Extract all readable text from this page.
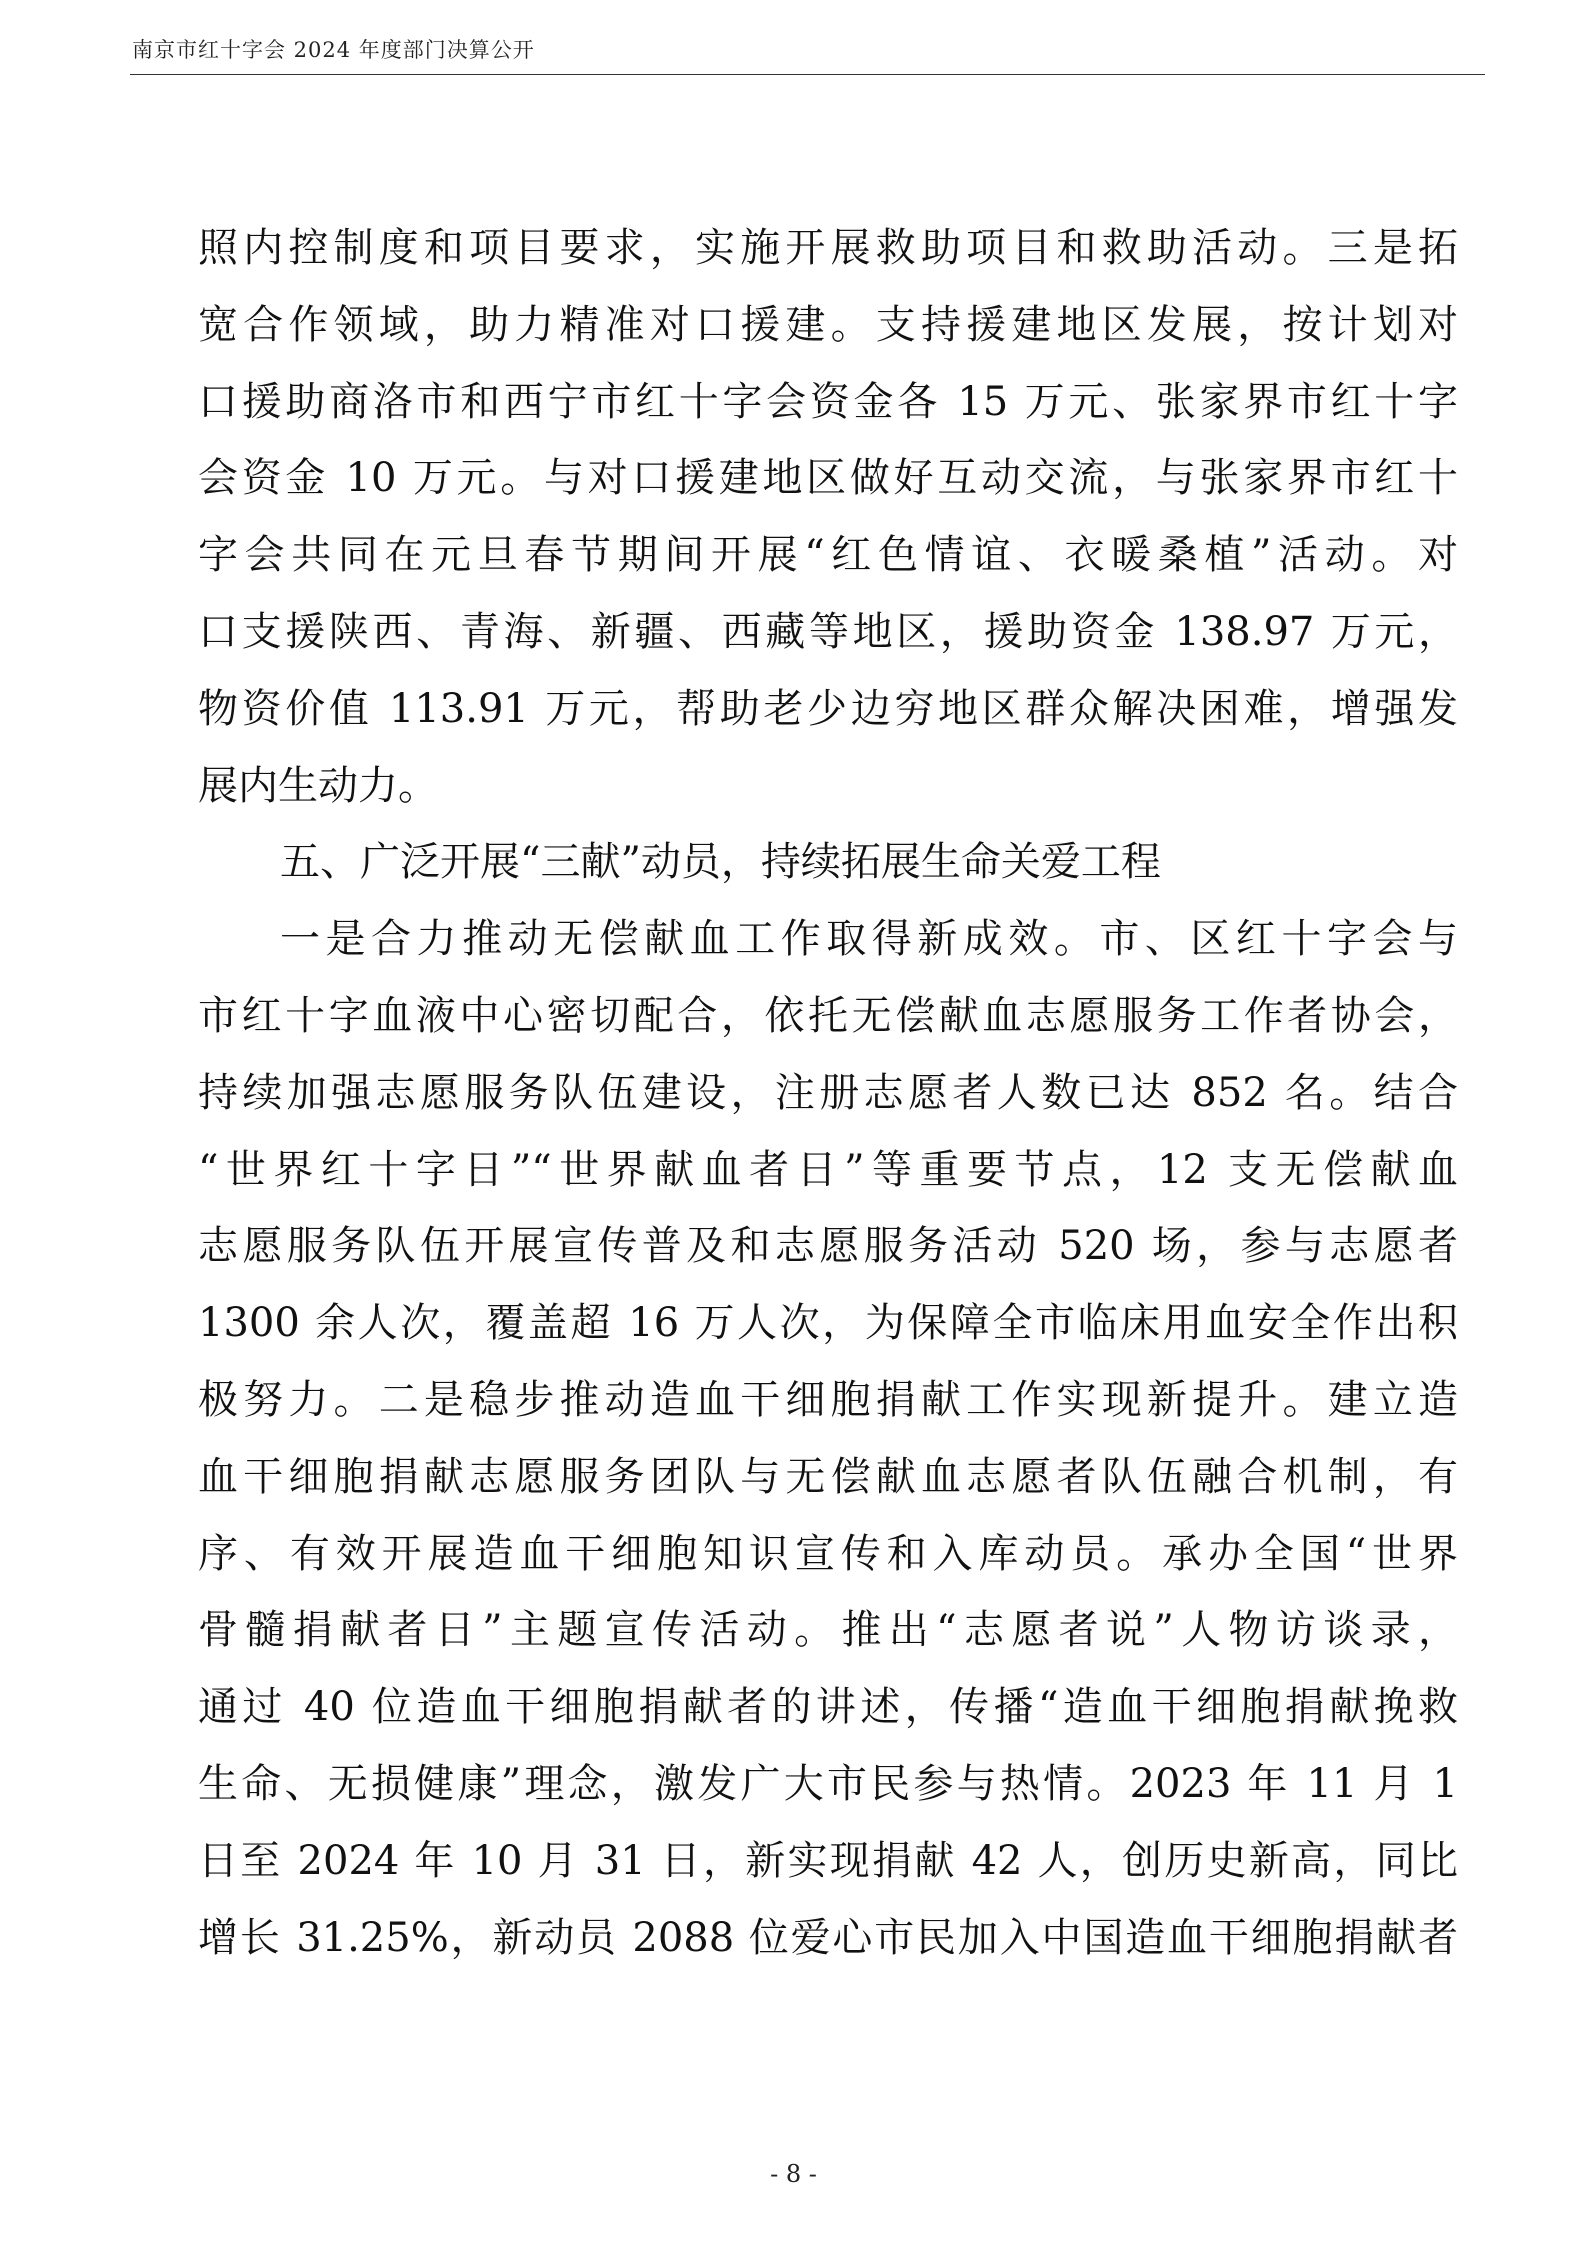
南京市红十字会 2024 年度部门决算公开
照内控制度和项目要求，实施开展救助项目和救助活动。三是拓
宽合作领域，助力精准对口援建。支持援建地区发展，按计划对
口援助商洛市和西宁市红十字会资金各 15 万元、张家界市红十字
会资金 10 万元。与对口援建地区做好互动交流，与张家界市红十
字会共同在元旦春节期间开展“红色情谊、衣暖桑植”活动。对
口支援陕西、青海、新疆、西藏等地区，援助资金 138.97 万元，
物资价值 113.91 万元，帮助老少边穷地区群众解决困难，增强发
展内生动力。
五、广泛开展“三献”动员，持续拓展生命关爱工程
一是合力推动无偿献血工作取得新成效。市、区红十字会与
市红十字血液中心密切配合，依托无偿献血志愿服务工作者协会，
持续加强志愿服务队伍建设，注册志愿者人数已达 852 名。结合
“世界红十字日”“世界献血者日”等重要节点，12 支无偿献血
志愿服务队伍开展宣传普及和志愿服务活动 520 场，参与志愿者
1300 余人次，覆盖超 16 万人次，为保障全市临床用血安全作出积
极努力。二是稳步推动造血干细胞捐献工作实现新提升。建立造
血干细胞捐献志愿服务团队与无偿献血志愿者队伍融合机制，有
序、有效开展造血干细胞知识宣传和入库动员。承办全国“世界
骨髓捐献者日”主题宣传活动。推出“志愿者说”人物访谈录，
通过 40 位造血干细胞捐献者的讲述，传播“造血干细胞捐献挽救
生命、无损健康”理念，激发广大市民参与热情。2023 年 11 月 1
日至 2024 年 10 月 31 日，新实现捐献 42 人，创历史新高，同比
增长 31.25%，新动员 2088 位爱心市民加入中国造血干细胞捐献者
- 8 -
